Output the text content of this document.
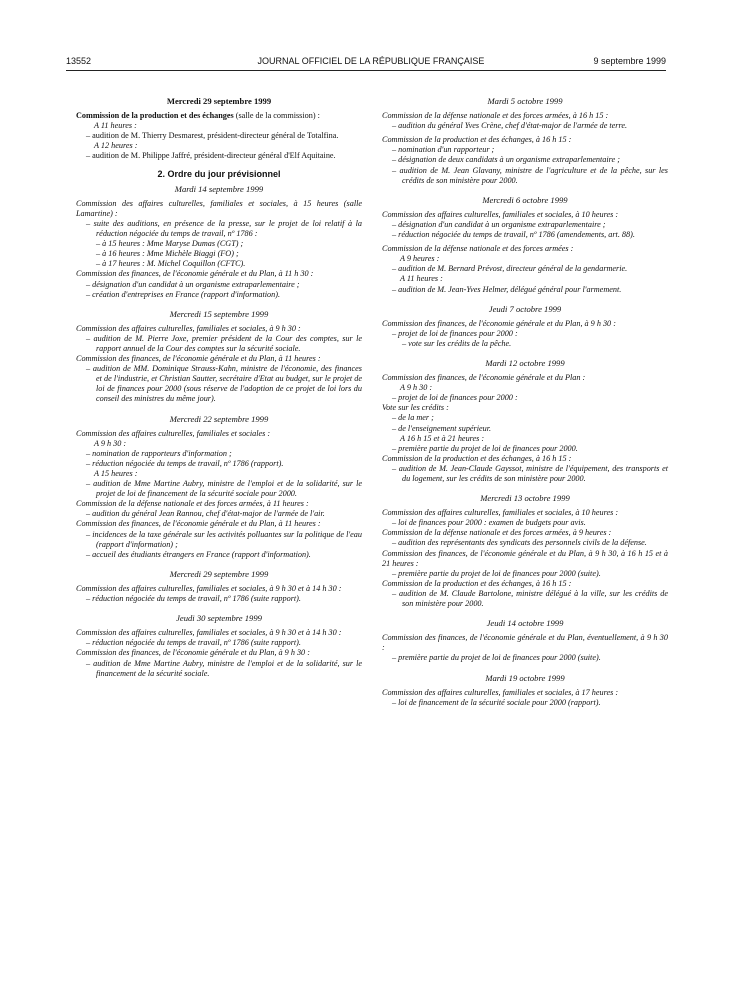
13552	JOURNAL OFFICIEL DE LA RÉPUBLIQUE FRANÇAISE	9 septembre 1999

Mercredi 29 septembre 1999

Commission de la production et des échanges (salle de la commission) :

A 11 heures :

– audition de M. Thierry Desmarest, président-directeur général de Totalfina.

A 12 heures :

– audition de M. Philippe Jaffré, président-directeur général d'Elf Aquitaine.

2. Ordre du jour prévisionnel

Mardi 14 septembre 1999

Commission des affaires culturelles, familiales et sociales, à 15 heures (salle Lamartine) :

– suite des auditions, en présence de la presse, sur le projet de loi relatif à la réduction négociée du temps de travail, nº 1786 :

– à 15 heures : Mme Maryse Dumas (CGT) ;

– à 16 heures : Mme Michèle Biaggi (FO) ;

– à 17 heures : M. Michel Coquillon (CFTC).

Commission des finances, de l'économie générale et du Plan, à 11 h 30 :

– désignation d'un candidat à un organisme extraparlementaire ;

– création d'entreprises en France (rapport d'information).

Mercredi 15 septembre 1999

Commission des affaires culturelles, familiales et sociales, à 9 h 30 :

– audition de M. Pierre Joxe, premier président de la Cour des comptes, sur le rapport annuel de la Cour des comptes sur la sécurité sociale.

Commission des finances, de l'économie générale et du Plan, à 11 heures :

– audition de MM. Dominique Strauss-Kahn, ministre de l'économie, des finances et de l'industrie, et Christian Sautter, secrétaire d'Etat au budget, sur le projet de loi de finances pour 2000 (sous réserve de l'adoption de ce projet de loi lors du conseil des ministres du même jour).

Mercredi 22 septembre 1999

Commission des affaires culturelles, familiales et sociales :

A 9 h 30 :

– nomination de rapporteurs d'information ;

– réduction négociée du temps de travail, nº 1786 (rapport).

A 15 heures :

– audition de Mme Martine Aubry, ministre de l'emploi et de la solidarité, sur le projet de loi de financement de la sécurité sociale pour 2000.

Commission de la défense nationale et des forces armées, à 11 heures :

– audition du général Jean Rannou, chef d'état-major de l'armée de l'air.

Commission des finances, de l'économie générale et du Plan, à 11 heures :

– incidences de la taxe générale sur les activités polluantes sur la politique de l'eau (rapport d'information) ;

– accueil des étudiants étrangers en France (rapport d'information).

Mercredi 29 septembre 1999

Commission des affaires culturelles, familiales et sociales, à 9 h 30 et à 14 h 30 :

– réduction négociée du temps de travail, nº 1786 (suite rapport).

Jeudi 30 septembre 1999

Commission des affaires culturelles, familiales et sociales, à 9 h 30 et à 14 h 30 :

– réduction négociée du temps de travail, nº 1786 (suite rapport).

Commission des finances, de l'économie générale et du Plan, à 9 h 30 :

– audition de Mme Martine Aubry, ministre de l'emploi et de la solidarité, sur le financement de la sécurité sociale.

Mardi 5 octobre 1999

Commission de la défense nationale et des forces armées, à 16 h 15 :

– audition du général Yves Crène, chef d'état-major de l'armée de terre.

Commission de la production et des échanges, à 16 h 15 :

– nomination d'un rapporteur ;

– désignation de deux candidats à un organisme extraparlementaire ;

– audition de M. Jean Glavany, ministre de l'agriculture et de la pêche, sur les crédits de son ministère pour 2000.

Mercredi 6 octobre 1999

Commission des affaires culturelles, familiales et sociales, à 10 heures :

– désignation d'un candidat à un organisme extraparlementaire ;

– réduction négociée du temps de travail, nº 1786 (amendements, art. 88).

Commission de la défense nationale et des forces armées :

A 9 heures :

– audition de M. Bernard Prévost, directeur général de la gendarmerie.

A 11 heures :

– audition de M. Jean-Yves Helmer, délégué général pour l'armement.

Jeudi 7 octobre 1999

Commission des finances, de l'économie générale et du Plan, à 9 h 30 :

– projet de loi de finances pour 2000 :

– vote sur les crédits de la pêche.

Mardi 12 octobre 1999

Commission des finances, de l'économie générale et du Plan :

A 9 h 30 :

– projet de loi de finances pour 2000 :

Vote sur les crédits :

– de la mer ;

– de l'enseignement supérieur.

A 16 h 15 et à 21 heures :

– première partie du projet de loi de finances pour 2000.

Commission de la production et des échanges, à 16 h 15 :

– audition de M. Jean-Claude Gayssot, ministre de l'équipement, des transports et du logement, sur les crédits de son ministère pour 2000.

Mercredi 13 octobre 1999

Commission des affaires culturelles, familiales et sociales, à 10 heures :

– loi de finances pour 2000 : examen de budgets pour avis.

Commission de la défense nationale et des forces armées, à 9 heures :

– audition des représentants des syndicats des personnels civils de la défense.

Commission des finances, de l'économie générale et du Plan, à 9 h 30, à 16 h 15 et à 21 heures :

– première partie du projet de loi de finances pour 2000 (suite).

Commission de la production et des échanges, à 16 h 15 :

– audition de M. Claude Bartolone, ministre délégué à la ville, sur les crédits de son ministère pour 2000.

Jeudi 14 octobre 1999

Commission des finances, de l'économie générale et du Plan, éventuellement, à 9 h 30 :

– première partie du projet de loi de finances pour 2000 (suite).

Mardi 19 octobre 1999

Commission des affaires culturelles, familiales et sociales, à 17 heures :

– loi de financement de la sécurité sociale pour 2000 (rapport).
